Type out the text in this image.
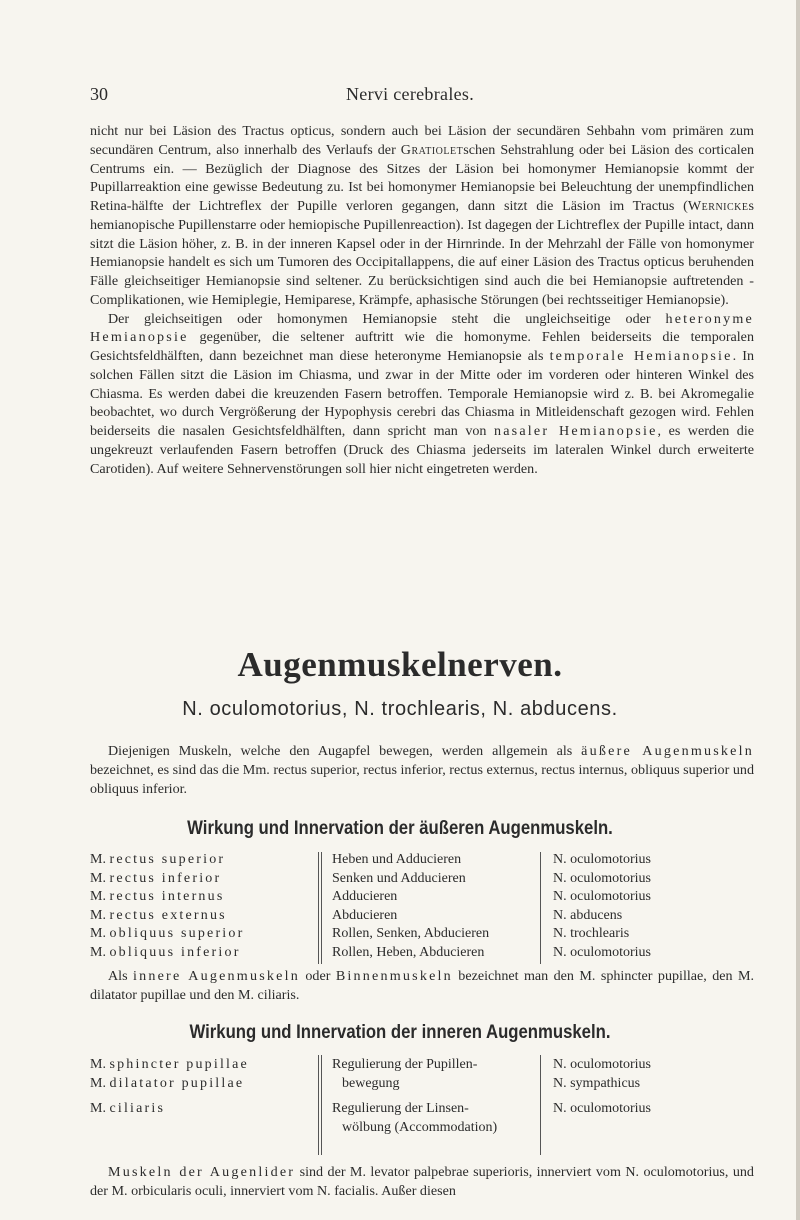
30	Nervi cerebrales.

nicht nur bei Läsion des Tractus opticus, sondern auch bei Läsion der secundären Sehbahn vom primären zum secundären Centrum, also innerhalb des Verlaufs der Gratioletschen Sehstrahlung oder bei Läsion des corticalen Centrums ein. — Bezüglich der Diagnose des Sitzes der Läsion bei homonymer Hemianopsie kommt der Pupillarreaktion eine gewisse Bedeutung zu. Ist bei homonymer Hemianopsie bei Beleuchtung der unempfindlichen Retina-hälfte der Lichtreflex der Pupille verloren gegangen, dann sitzt die Läsion im Tractus (Wernickes hemianopische Pupillenstarre oder hemiopische Pupillenreaction). Ist dagegen der Lichtreflex der Pupille intact, dann sitzt die Läsion höher, z. B. in der inneren Kapsel oder in der Hirnrinde. In der Mehrzahl der Fälle von homonymer Hemianopsie handelt es sich um Tumoren des Occipitallappens, die auf einer Läsion des Tractus opticus beruhenden Fälle gleichseitiger Hemianopsie sind seltener. Zu berücksichtigen sind auch die bei Hemianopsie auftretenden -Complikationen, wie Hemiplegie, Hemiparese, Krämpfe, aphasische Störungen (bei rechtsseitiger Hemianopsie).

Der gleichseitigen oder homonymen Hemianopsie steht die ungleichseitige oder heteronyme Hemianopsie gegenüber, die seltener auftritt wie die homonyme. Fehlen beiderseits die temporalen Gesichtsfeldhälften, dann bezeichnet man diese heteronyme Hemianopsie als temporale Hemianopsie. In solchen Fällen sitzt die Läsion im Chiasma, und zwar in der Mitte oder im vorderen oder hinteren Winkel des Chiasma. Es werden dabei die kreuzenden Fasern betroffen. Temporale Hemianopsie wird z. B. bei Akromegalie beobachtet, wo durch Vergrößerung der Hypophysis cerebri das Chiasma in Mitleidenschaft gezogen wird. Fehlen beiderseits die nasalen Gesichtsfeldhälften, dann spricht man von nasaler Hemianopsie, es werden die ungekreuzt verlaufenden Fasern betroffen (Druck des Chiasma jederseits im lateralen Winkel durch erweiterte Carotiden). Auf weitere Sehnervenstörungen soll hier nicht eingetreten werden.

Augenmuskelnerven.
N. oculomotorius, N. trochlearis, N. abducens.

Diejenigen Muskeln, welche den Augapfel bewegen, werden allgemein als äußere Augenmuskeln bezeichnet, es sind das die Mm. rectus superior, rectus inferior, rectus externus, rectus internus, obliquus superior und obliquus inferior.

Wirkung und Innervation der äußeren Augenmuskeln.
M. rectus superior
M. rectus inferior
M. rectus internus
M. rectus externus
M. obliquus superior
M. obliquus inferior
Heben und Adducieren
Senken und Adducieren
Adducieren
Abducieren
Rollen, Senken, Abducieren
Rollen, Heben, Abducieren
N. oculomotorius
N. oculomotorius
N. oculomotorius
N. abducens
N. trochlearis
N. oculomotorius

Als innere Augenmuskeln oder Binnenmuskeln bezeichnet man den M. sphincter pupillae, den M. dilatator pupillae und den M. ciliaris.

Wirkung und Innervation der inneren Augenmuskeln.
M. sphincter pupillae
M. dilatator pupillae
M. ciliaris
Regulierung der Pupillen-
bewegung
Regulierung der Linsen-
wölbung (Accommodation)
N. oculomotorius
N. sympathicus
N. oculomotorius

Muskeln der Augenlider sind der M. levator palpebrae superioris, innerviert vom N. oculomotorius, und der M. orbicularis oculi, innerviert vom N. facialis. Außer diesen
